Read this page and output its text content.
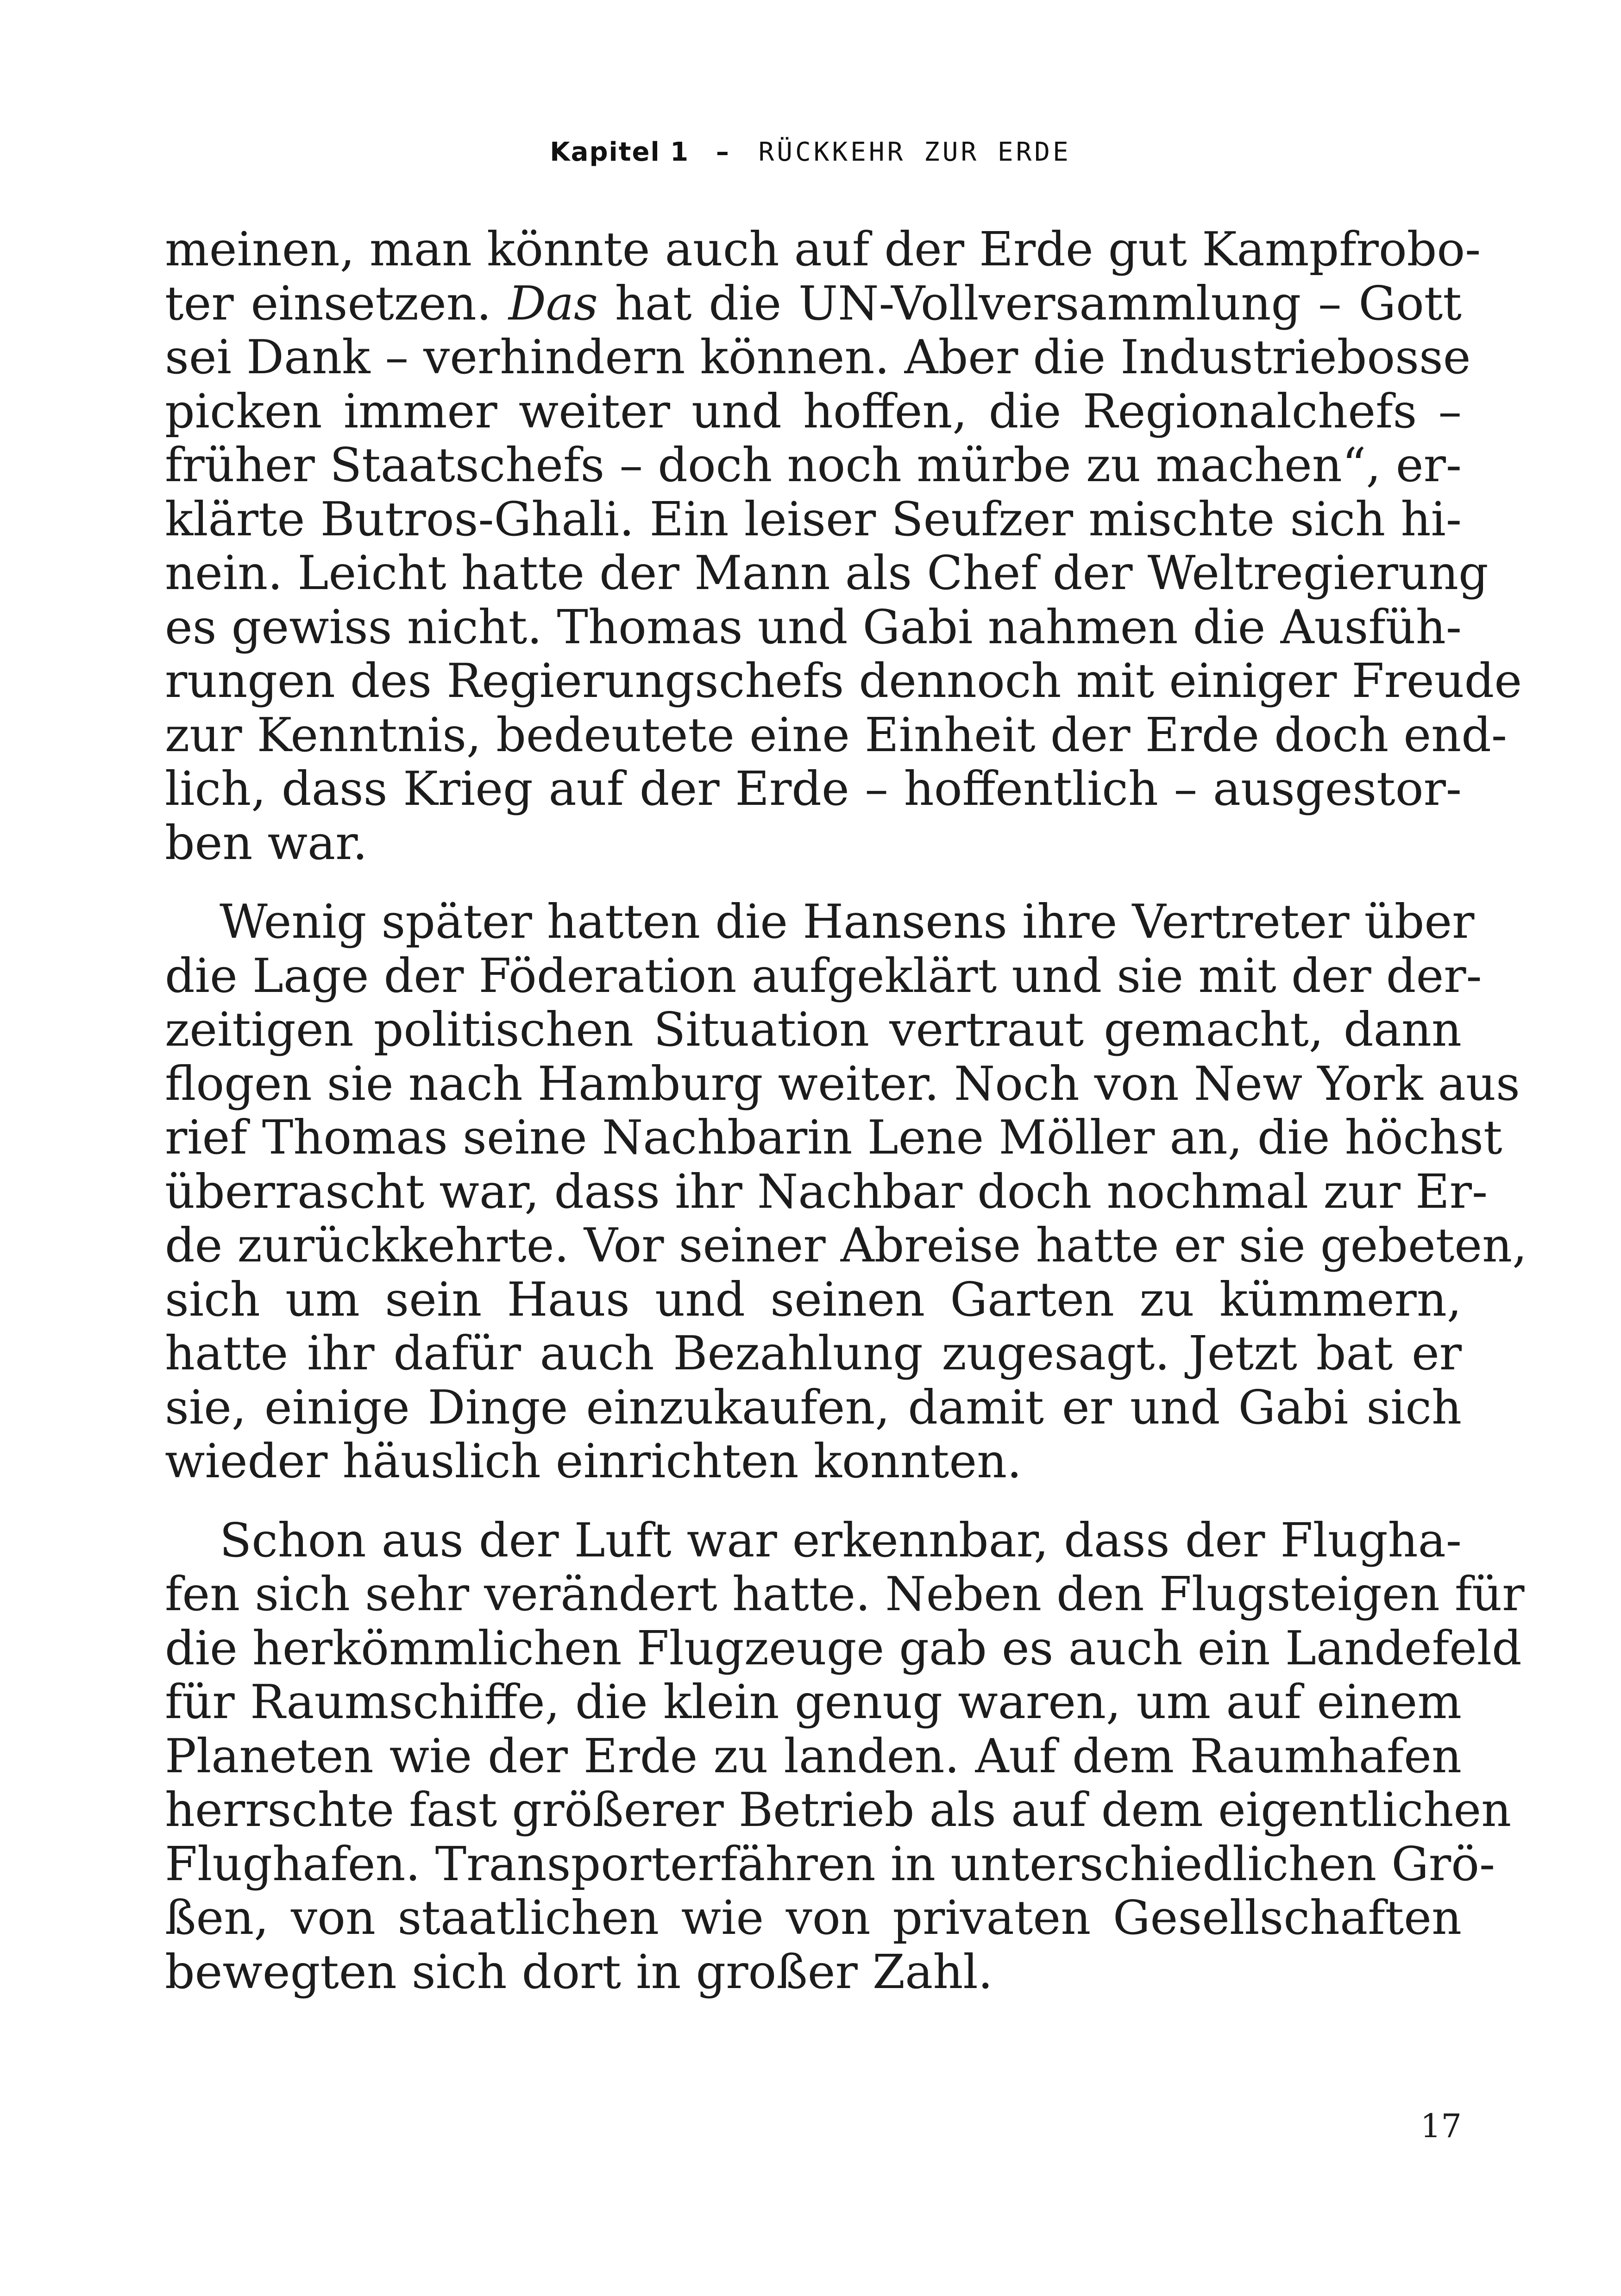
Kapitel 1 – RÜCKKEHR ZUR ERDE
meinen, man könnte auch auf der Erde gut Kampfrobo-
ter einsetzen. Das hat die UN-Vollversammlung – Gott
sei Dank – verhindern können. Aber die Industriebosse
picken immer weiter und hoffen, die Regionalchefs –
früher Staatschefs – doch noch mürbe zu machen“, er-
klärte Butros-Ghali. Ein leiser Seufzer mischte sich hi-
nein. Leicht hatte der Mann als Chef der Weltregierung
es gewiss nicht. Thomas und Gabi nahmen die Ausfüh-
rungen des Regierungschefs dennoch mit einiger Freude
zur Kenntnis, bedeutete eine Einheit der Erde doch end-
lich, dass Krieg auf der Erde – hoffentlich – ausgestor-
ben war.
Wenig später hatten die Hansens ihre Vertreter über
die Lage der Föderation aufgeklärt und sie mit der der-
zeitigen politischen Situation vertraut gemacht, dann
flogen sie nach Hamburg weiter. Noch von New York aus
rief Thomas seine Nachbarin Lene Möller an, die höchst
überrascht war, dass ihr Nachbar doch nochmal zur Er-
de zurückkehrte. Vor seiner Abreise hatte er sie gebeten,
sich um sein Haus und seinen Garten zu kümmern,
hatte ihr dafür auch Bezahlung zugesagt. Jetzt bat er
sie, einige Dinge einzukaufen, damit er und Gabi sich
wieder häuslich einrichten konnten.
Schon aus der Luft war erkennbar, dass der Flugha-
fen sich sehr verändert hatte. Neben den Flugsteigen für
die herkömmlichen Flugzeuge gab es auch ein Landefeld
für Raumschiffe, die klein genug waren, um auf einem
Planeten wie der Erde zu landen. Auf dem Raumhafen
herrschte fast größerer Betrieb als auf dem eigentlichen
Flughafen. Transporterfähren in unterschiedlichen Grö-
ßen, von staatlichen wie von privaten Gesellschaften
bewegten sich dort in großer Zahl.
17
